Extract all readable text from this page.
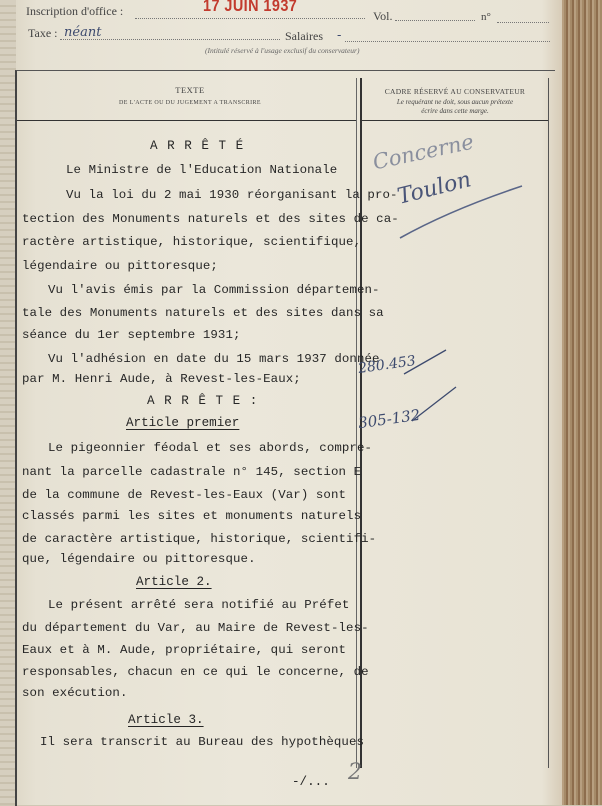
Inscription d'office :	17 JUIN 1937
Vol.	n°
Taxe : néant	Salaires -
(Intitulé réservé à l'usage exclusif du conservateur)
TEXTE
DE L'ACTE OU DU JUGEMENT A TRANSCRIRE
CADRE RÉSERVÉ AU CONSERVATEUR
Le requérant ne doit, sous aucun prétexte
écrire dans cette marge.
A R R Ê T É
Le Ministre de l'Education Nationale
Vu la loi du 2 mai 1930 réorganisant la pro-
tection des Monuments naturels et des sites de ca-
ractère artistique, historique, scientifique,
légendaire ou pittoresque;
Vu l'avis émis par la Commission départemen-
tale des Monuments naturels et des sites dans sa
séance du 1er septembre 1931;
Vu l'adhésion en date du 15 mars 1937 donnée
par M. Henri Aude, à Revest-les-Eaux;
A R R Ê T E :
Article premier
Le pigeonnier féodal et ses abords, compre-
nant la parcelle cadastrale n° 145, section E
de la commune de Revest-les-Eaux (Var) sont
classés parmi les sites et monuments naturels
de caractère artistique, historique, scientifi-
que, légendaire ou pittoresque.
Article 2.
Le présent arrêté sera notifié au Préfet
du département du Var, au Maire de Revest-les-
Eaux et à M. Aude, propriétaire, qui seront
responsables, chacun en ce qui le concerne, de
son exécution.
Article 3.
Il sera transcrit au Bureau des hypothèques
-/... 2
Concerne
Toulon
280.453
305-132
